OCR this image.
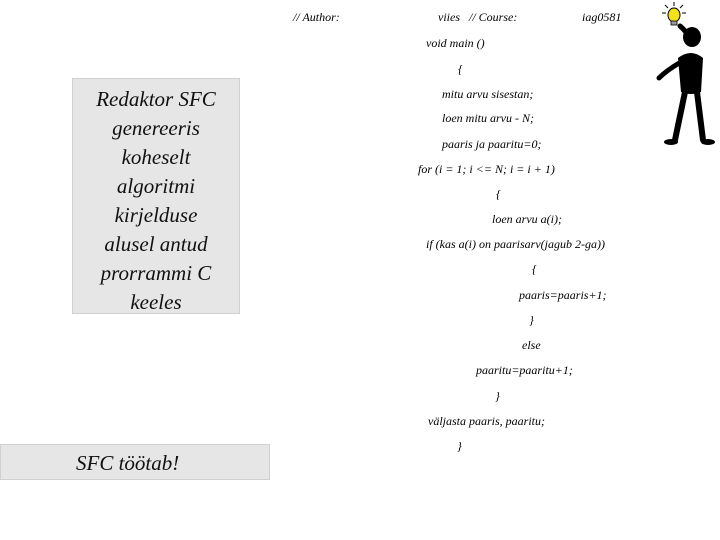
// Author:	viies // Course:	iag0581
void main ()
{
mitu arvu sisestan;
loen mitu arvu - N;
paaris ja paaritu=0;
for (i = 1; i <= N; i = i + 1)
{
loen arvu a(i);
if (kas a(i) on paarisarv(jagub 2-ga))
{
paaris=paaris+1;
}
else
paaritu=paaritu+1;
}
väljasta paaris, paaritu;
}
Redaktor SFC
genereeris
koheselt
algoritmi
kirjelduse
alusel antud
prorrammi C
keeles
SFC töötab!
